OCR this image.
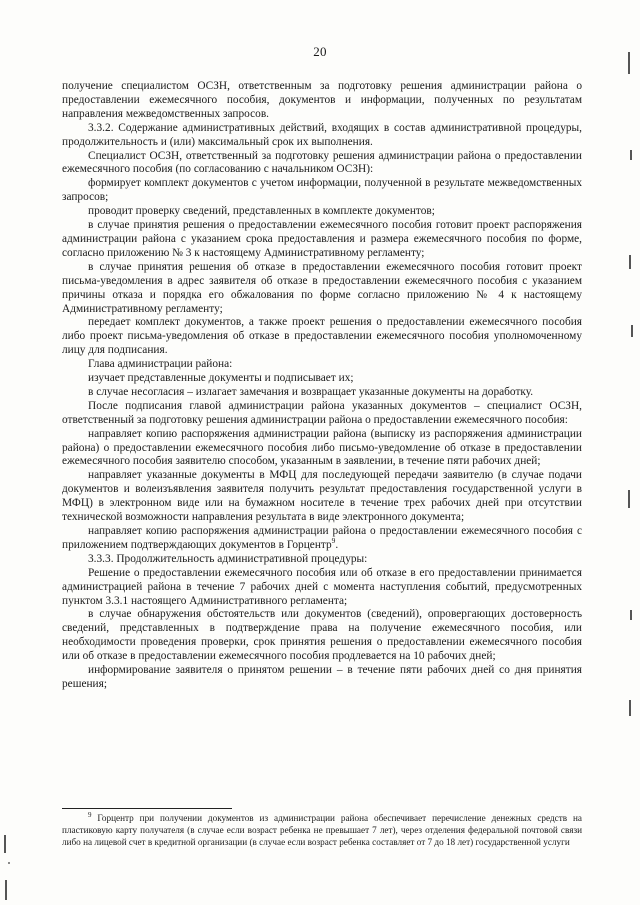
20

получение специалистом ОСЗН, ответственным за подготовку решения администрации района о предоставлении ежемесячного пособия, документов и информации, полученных по результатам направления межведомственных запросов.

3.3.2. Содержание административных действий, входящих в состав административной процедуры, продолжительность и (или) максимальный срок их выполнения.

Специалист ОСЗН, ответственный за подготовку решения администрации района о предоставлении ежемесячного пособия (по согласованию с начальником ОСЗН):

формирует комплект документов с учетом информации, полученной в результате межведомственных запросов;

проводит проверку сведений, представленных в комплекте документов;

в случае принятия решения о предоставлении ежемесячного пособия готовит проект распоряжения администрации района с указанием срока предоставления и размера ежемесячного пособия по форме, согласно приложению № 3 к настоящему Административному регламенту;

в случае принятия решения об отказе в предоставлении ежемесячного пособия готовит проект письма-уведомления в адрес заявителя об отказе в предоставлении ежемесячного пособия с указанием причины отказа и порядка его обжалования по форме согласно приложению № 4 к настоящему Административному регламенту;

передает комплект документов, а также проект решения о предоставлении ежемесячного пособия либо проект письма-уведомления об отказе в предоставлении ежемесячного пособия уполномоченному лицу для подписания.

Глава администрации района:

изучает представленные документы и подписывает их;

в случае несогласия – излагает замечания и возвращает указанные документы на доработку.

После подписания главой администрации района указанных документов – специалист ОСЗН, ответственный за подготовку решения администрации района о предоставлении ежемесячного пособия:

направляет копию распоряжения администрации района (выписку из распоряжения администрации района) о предоставлении ежемесячного пособия либо письмо-уведомление об отказе в предоставлении ежемесячного пособия заявителю способом, указанным в заявлении, в течение пяти рабочих дней;

направляет указанные документы в МФЦ для последующей передачи заявителю (в случае подачи документов и волеизъявления заявителя получить результат предоставления государственной услуги в МФЦ) в электронном виде или на бумажном носителе в течение трех рабочих дней при отсутствии технической возможности направления результата в виде электронного документа;

направляет копию распоряжения администрации района о предоставлении ежемесячного пособия с приложением подтверждающих документов в Горцентр$^9$.

3.3.3. Продолжительность административной процедуры:

Решение о предоставлении ежемесячного пособия или об отказе в его предоставлении принимается администрацией района в течение 7 рабочих дней с момента наступления событий, предусмотренных пунктом 3.3.1 настоящего Административного регламента;

в случае обнаружения обстоятельств или документов (сведений), опровергающих достоверность сведений, представленных в подтверждение права на получение ежемесячного пособия, или необходимости проведения проверки, срок принятия решения о предоставлении ежемесячного пособия или об отказе в предоставлении ежемесячного пособия продлевается на 10 рабочих дней;

информирование заявителя о принятом решении – в течение пяти рабочих дней со дня принятия решения;

$^9$ Горцентр при получении документов из администрации района обеспечивает перечисление денежных средств на пластиковую карту получателя (в случае если возраст ребенка не превышает 7 лет), через отделения федеральной почтовой связи либо на лицевой счет в кредитной организации (в случае если возраст ребенка составляет от 7 до 18 лет) государственной услуги
